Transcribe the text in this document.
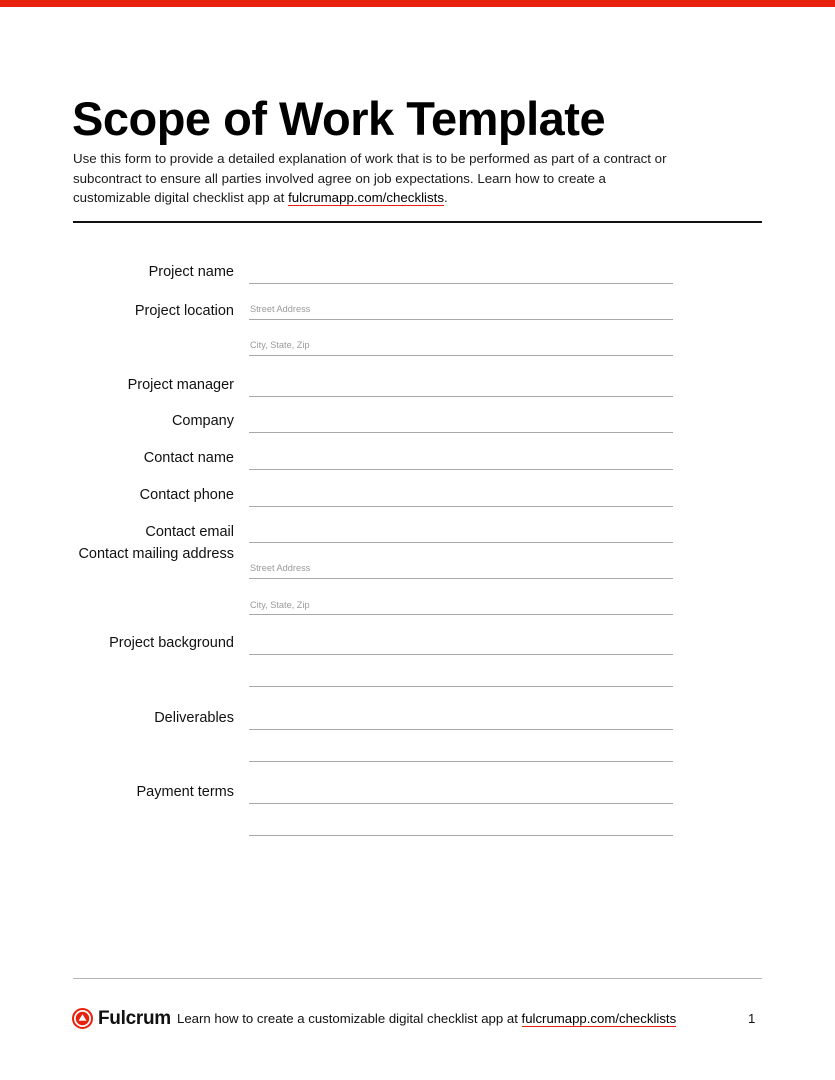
Scope of Work Template

Use this form to provide a detailed explanation of work that is to be performed as part of a contract or subcontract to ensure all parties involved agree on job expectations. Learn how to create a customizable digital checklist app at fulcrumapp.com/checklists.

Project name
Project location Street Address
City, State, Zip
Project manager
Company
Contact name
Contact phone
Contact email
Contact mailing address
Street Address
City, State, Zip
Project background
Deliverables
Payment terms
Fulcrum Learn how to create a customizable digital checklist app at fulcrumapp.com/checklists	1
